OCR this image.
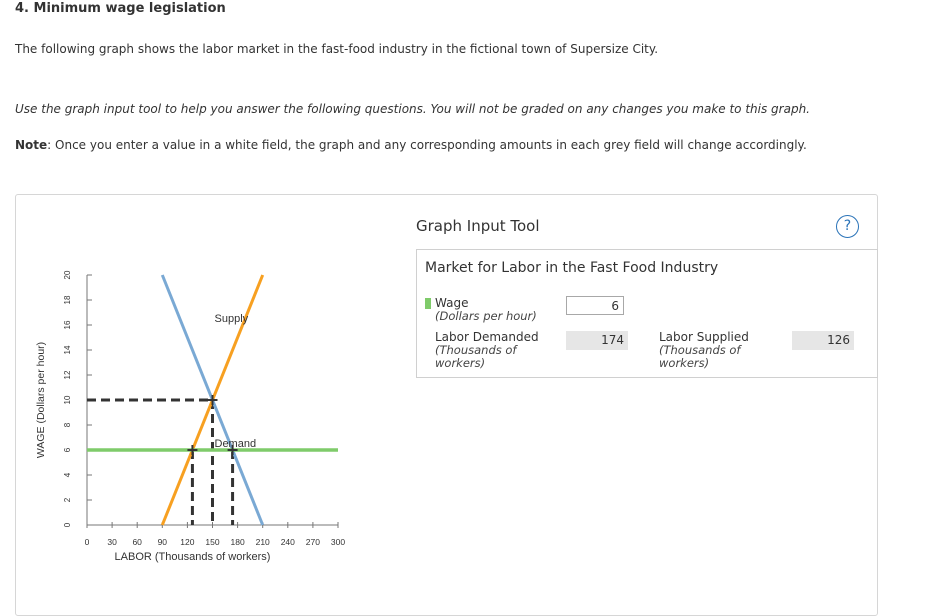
4. Minimum wage legislation
The following graph shows the labor market in the fast-food industry in the fictional town of Supersize City.
Use the graph input tool to help you answer the following questions. You will not be graded on any changes you make to this graph.
Note: Once you enter a value in a white field, the graph and any corresponding amounts in each grey field will change accordingly.
0
2
4
6
8
10
12
14
16
18
20
0 30 60 90 120 150 180 210 240 270 300
LABOR (Thousands of workers)
WAGE (Dollars per hour)
Supply
Demand
Graph Input Tool	?
Market for Labor in the Fast Food Industry
Wage
(Dollars per hour)
6
Labor Demanded
(Thousands of workers)
174	Labor Supplied
(Thousands of workers)
126
